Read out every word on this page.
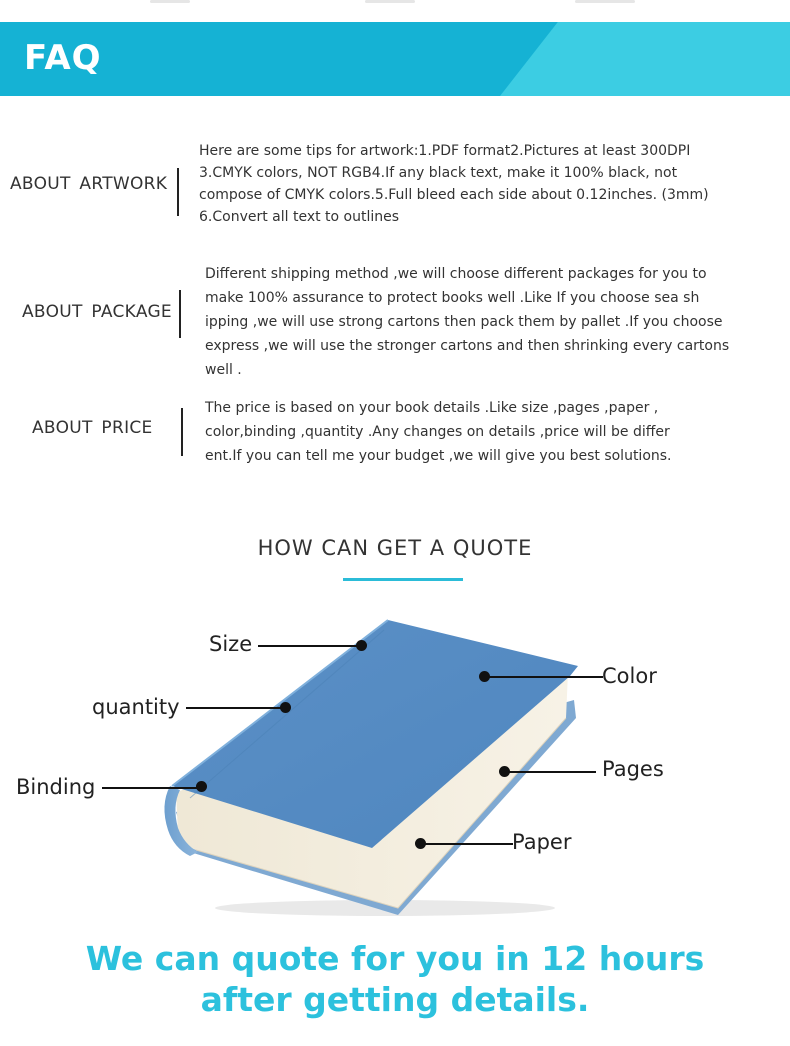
FAQ
ABOUT ARTWORK
Here are some tips for artwork:1.PDF format2.Pictures at least 300DPI
3.CMYK colors, NOT RGB4.If any black text, make it 100% black, not
compose of CMYK colors.5.Full bleed each side about 0.12inches. (3mm)
6.Convert all text to outlines
ABOUT PACKAGE
Different shipping method ,we will choose different packages for you to
make 100% assurance to protect books well .Like If you choose sea sh
ipping ,we will use strong cartons then pack them by pallet .If you choose
express ,we will use the stronger cartons and then shrinking every cartons
well .
ABOUT PRICE
The price is based on your book details .Like size ,pages ,paper ,
color,binding ,quantity .Any changes on details ,price will be differ
ent.If you can tell me your budget ,we will give you best solutions.
HOW CAN GET A QUOTE
Size
quantity
Binding
Color
Pages
Paper
We can quote for you in 12 hours
after getting details.
